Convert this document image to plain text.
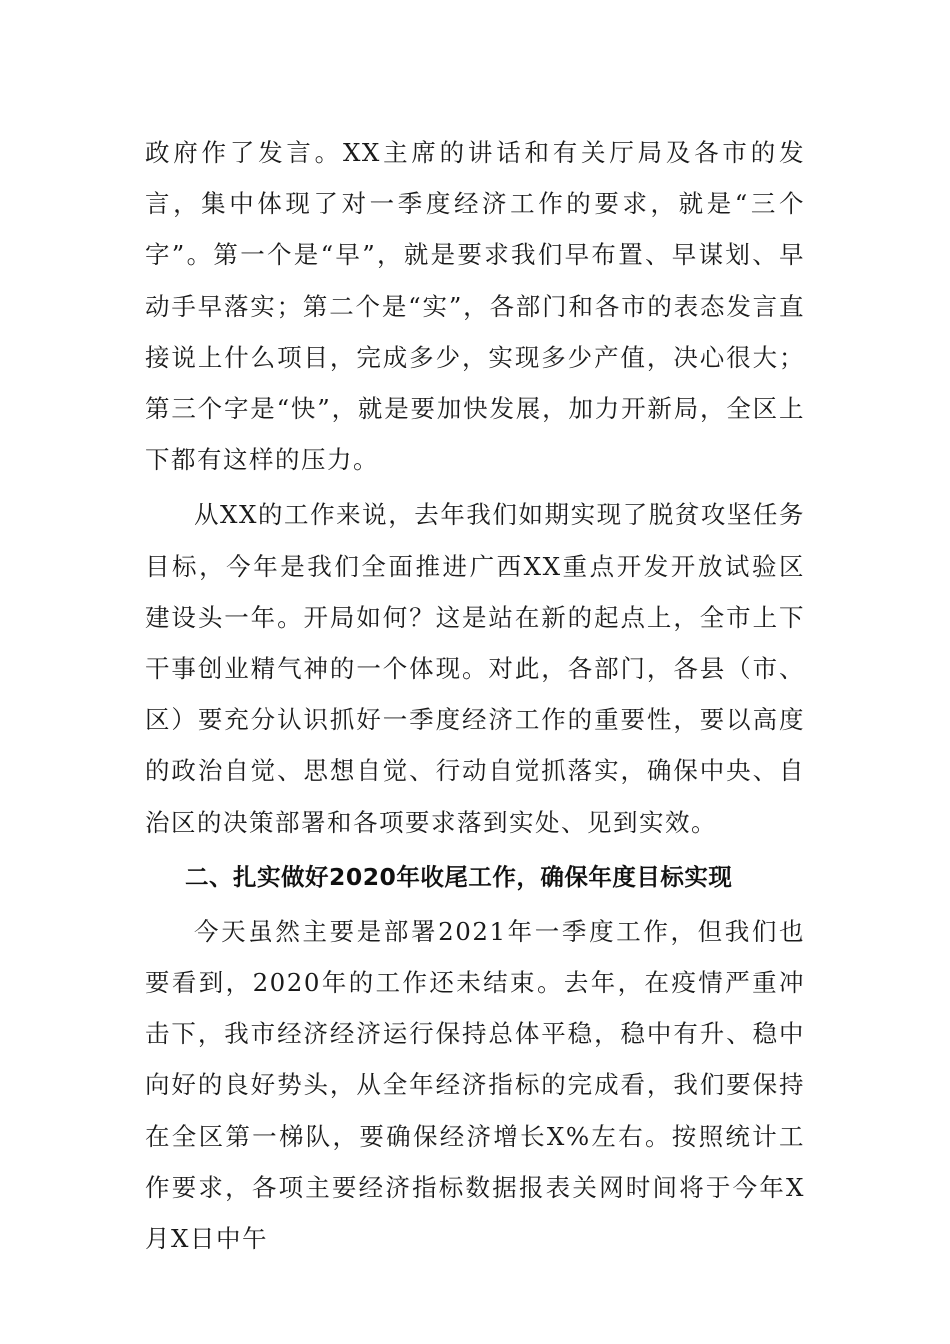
政府作了发言。XX主席的讲话和有关厅局及各市的发言，集中体现了对一季度经济工作的要求，就是“三个字”。第一个是“早”，就是要求我们早布置、早谋划、早动手早落实；第二个是“实”，各部门和各市的表态发言直接说上什么项目，完成多少，实现多少产值，决心很大；第三个字是“快”，就是要加快发展，加力开新局，全区上下都有这样的压力。

从XX的工作来说，去年我们如期实现了脱贫攻坚任务目标，今年是我们全面推进广西XX重点开发开放试验区建设头一年。开局如何？这是站在新的起点上，全市上下干事创业精气神的一个体现。对此，各部门，各县（市、区）要充分认识抓好一季度经济工作的重要性，要以高度的政治自觉、思想自觉、行动自觉抓落实，确保中央、自治区的决策部署和各项要求落到实处、见到实效。

二、扎实做好2020年收尾工作，确保年度目标实现

今天虽然主要是部署2021年一季度工作，但我们也要看到，2020年的工作还未结束。去年，在疫情严重冲击下，我市经济经济运行保持总体平稳，稳中有升、稳中向好的良好势头，从全年经济指标的完成看，我们要保持在全区第一梯队，要确保经济增长X%左右。按照统计工作要求，各项主要经济指标数据报表关网时间将于今年X月X日中午
